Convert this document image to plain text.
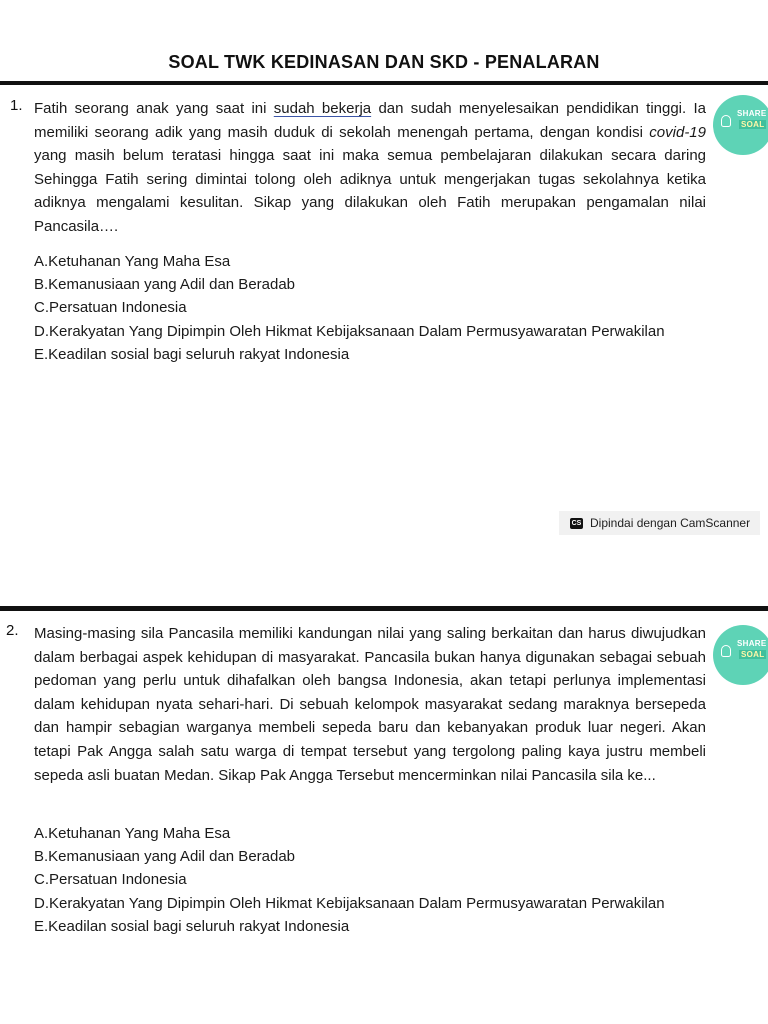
SOAL TWK KEDINASAN DAN SKD - PENALARAN
1. Fatih seorang anak yang saat ini sudah bekerja dan sudah menyelesaikan pendidikan tinggi. Ia memiliki seorang adik yang masih duduk di sekolah menengah pertama, dengan kondisi covid-19 yang masih belum teratasi hingga saat ini maka semua pembelajaran dilakukan secara daring Sehingga Fatih sering dimintai tolong oleh adiknya untuk mengerjakan tugas sekolahnya ketika adiknya mengalami kesulitan. Sikap yang dilakukan oleh Fatih merupakan pengamalan nilai Pancasila….

A.Ketuhanan Yang Maha Esa
B.Kemanusiaan yang Adil dan Beradab
C.Persatuan Indonesia
D.Kerakyatan Yang Dipimpin Oleh Hikmat Kebijaksanaan Dalam Permusyawaratan Perwakilan
E.Keadilan sosial bagi seluruh rakyat Indonesia
SHARE
SOAL
CS Dipindai dengan CamScanner
2. Masing-masing sila Pancasila memiliki kandungan nilai yang saling berkaitan dan harus diwujudkan dalam berbagai aspek kehidupan di masyarakat. Pancasila bukan hanya digunakan sebagai sebuah pedoman yang perlu untuk dihafalkan oleh bangsa Indonesia, akan tetapi perlunya implementasi dalam kehidupan nyata sehari-hari. Di sebuah kelompok masyarakat sedang maraknya bersepeda dan hampir sebagian warganya membeli sepeda baru dan kebanyakan produk luar negeri. Akan tetapi Pak Angga salah satu warga di tempat tersebut yang tergolong paling kaya justru membeli sepeda asli buatan Medan. Sikap Pak Angga Tersebut mencerminkan nilai Pancasila sila ke...

A.Ketuhanan Yang Maha Esa
B.Kemanusiaan yang Adil dan Beradab
C.Persatuan Indonesia
D.Kerakyatan Yang Dipimpin Oleh Hikmat Kebijaksanaan Dalam Permusyawaratan Perwakilan
E.Keadilan sosial bagi seluruh rakyat Indonesia
SHARE
SOAL
